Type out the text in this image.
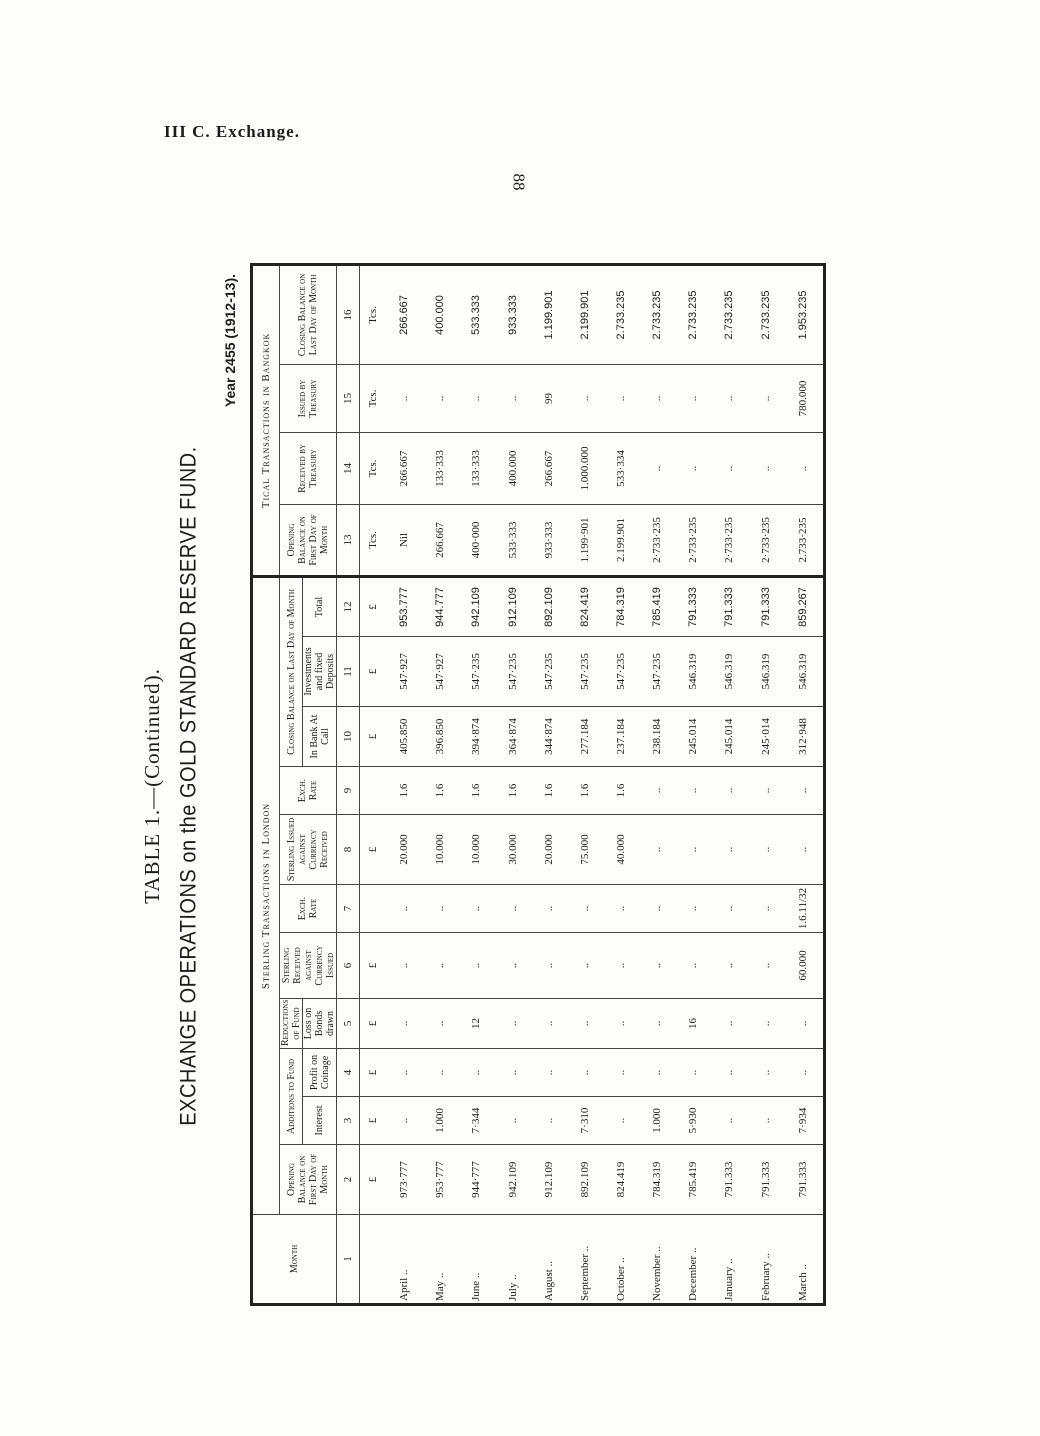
III C. Exchange.
88
TABLE 1.—(Continued). EXCHANGE OPERATIONS on the GOLD STANDARD RESERVE FUND.
Year 2455 (1912-13).
Month	Sterling Transactions in London											Tical Transactions in Bangkok			
	Opening Balance on First Day of Month	Additions to Fund		Reductions of Fund	Sterling Received against Currency Issued	Exch. Rate	Sterling Issued against Currency Received	Exch. Rate	Closing Balance on Last Day of Month			Opening Balance on First Day of Month	Received by Treasury	Issued by Treasury	Closing Balance on Last Day of Month
		Interest	Profit on Coinage	Loss on Bonds drawn					In Bank At Call	Investments and fixed Deposits	Total				
1	2	3	4	5	6	7	8	9	10	11	12	13	14	15	16
	£	£	£	£	£		£		£	£	£	Tcs.	Tcs.	Tcs.	Tcs.
April ..	973·777	..	..	..	..	..	20.000	1.6	405.850	547·927	953.777	Nil	266.667	..	266.667
May ..	953·777	1.000	..	..	..	..	10.000	1.6	396.850	547·927	944.777	266.667	133·333	..	400.000
June ..	944·777	7·344	..	12	..	..	10.000	1.6	394·874	547·235	942.109	400·000	133·333	..	533.333
July ..	942.109	..	..	..	..	..	30.000	1.6	364·874	547·235	912.109	533·333	400.000	..	933.333
August ..	912.109	..	..	..	..	..	20.000	1.6	344·874	547·235	892.109	933·333	266.667	99	1.199.901
September ..	892.109	7·310	..	..	..	..	75.000	1.6	277.184	547·235	824.419	1.199·901	1.000.000	..	2.199.901
October ..	824.419	..	..	..	..	..	40.000	1.6	237.184	547·235	784.319	2.199.901	533·334	..	2.733.235
November ..	784.319	1.000	..	..	..	..	..	..	238.184	547·235	785.419	2·733·235	..	..	2.733.235
December ..	785.419	5·930	..	16	..	..	..	..	245.014	546.319	791.333	2·733·235	..	..	2.733.235
January ..	791.333	..	..	..	..	..	..	..	245.014	546.319	791.333	2·733·235	..	..	2.733.235
February ..	791.333	..	..	..	..	..	..	..	245·014	546.319	791.333	2·733·235	..	..	2.733.235
March ..	791.333	7·934	..	..	60.000	1.6.11/32	..	..	312·948	546.319	859.267	2.733·235	..	780.000	1.953.235
